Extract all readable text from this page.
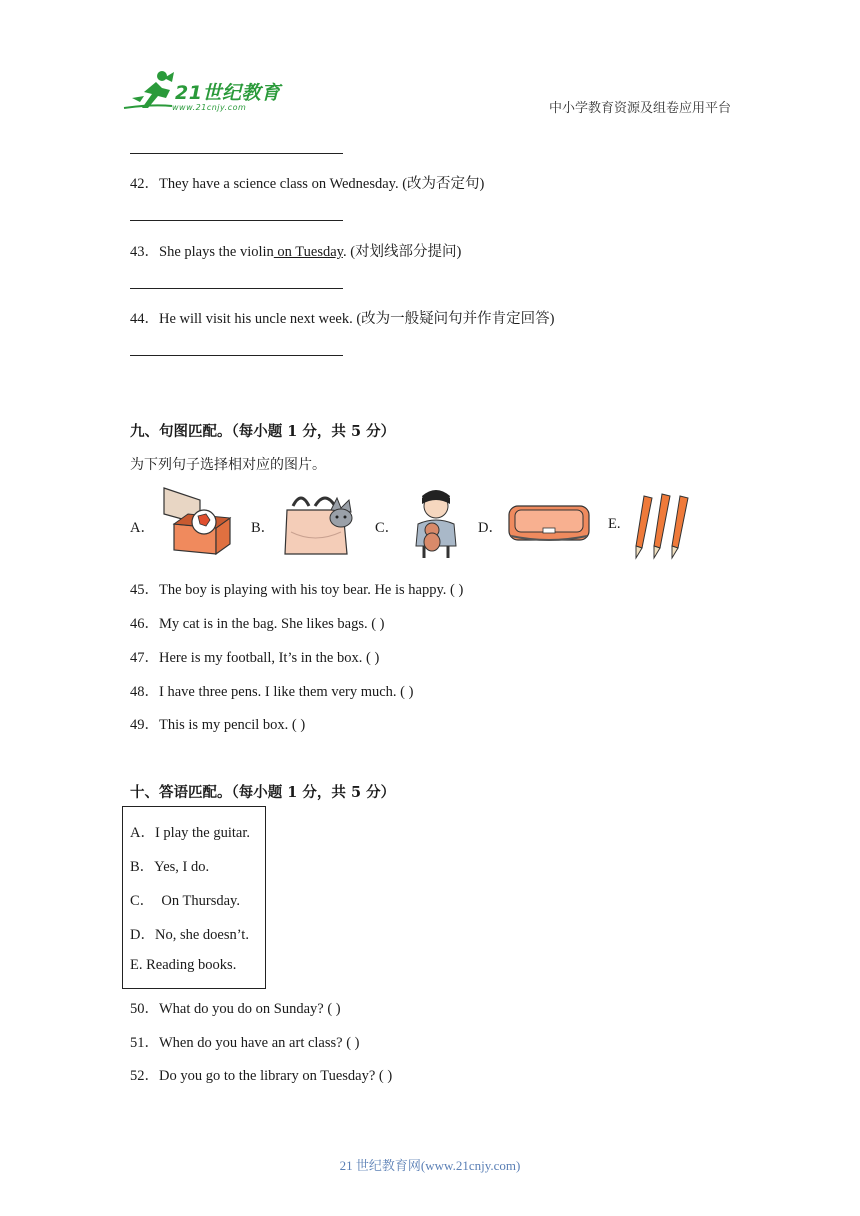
21世纪教育
www.21cnjy.com	中小学教育资源及组卷应用平台
42．They have a science class on Wednesday. (改为否定句)
43．She plays the violin on Tuesday. (对划线部分提问)
44．He will visit his uncle next week. (改为一般疑问句并作肯定回答)
九、句图匹配。（每小题 1 分，共 5 分）
为下列句子选择相对应的图片。
A．	B．	C．	D．	E.
45．The boy is playing with his toy bear. He is happy. ( )
46．My cat is in the bag. She likes bags. ( )
47．Here is my football, It’s in the box. ( )
48．I have three pens. I like them very much. ( )
49．This is my pencil box. ( )
十、答语匹配。（每小题 1 分，共 5 分）
A．I play the guitar.
B．Yes, I do.
C．  On Thursday.
D．No, she doesn’t.
E. Reading books.
50．What do you do on Sunday? ( )
51．When do you have an art class? ( )
52．Do you go to the library on Tuesday? ( )
21 世纪教育网(www.21cnjy.com)
